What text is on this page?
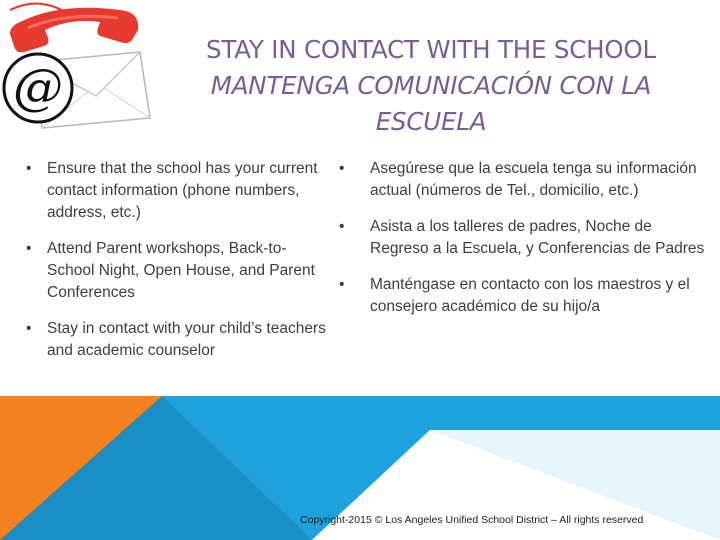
@
STAY IN CONTACT WITH THE SCHOOL
MANTENGA COMUNICACIÓN CON LA
ESCUELA
•	Ensure that the school has your current contact information (phone numbers, address, etc.)
•	Attend Parent workshops, Back-to-School Night, Open House, and Parent Conferences
•	Stay in contact with your child’s teachers and academic counselor
•	Asegúrese que la escuela tenga su información actual (números de Tel., domicilio, etc.)
•	Asista a los talleres de padres, Noche de Regreso a la Escuela, y Conferencias de Padres
•	Manténgase en contacto con los maestros y el consejero académico de su hijo/a
Copyright-2015 © Los Angeles Unified School District – All rights reserved
